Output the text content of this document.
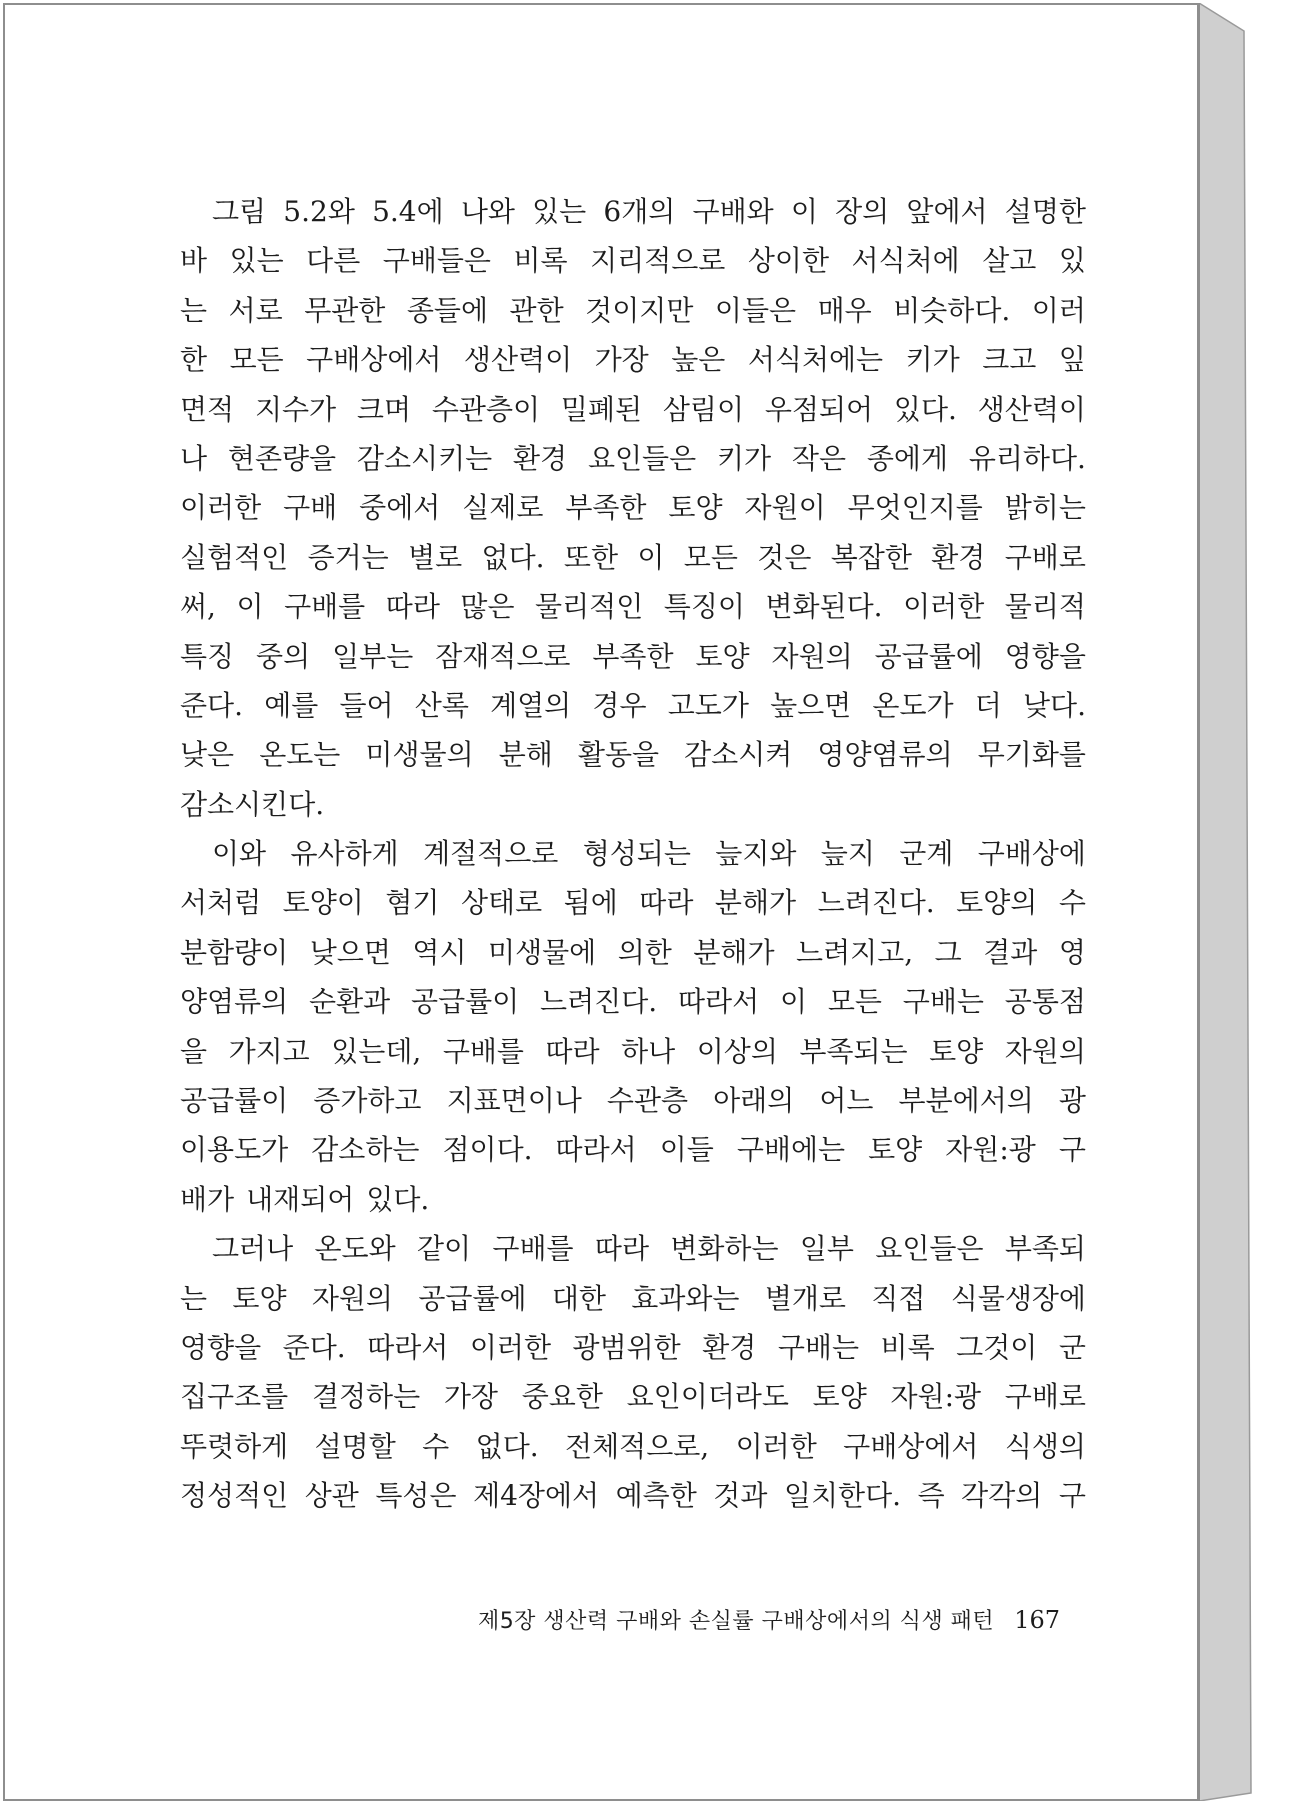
그림 5.2와 5.4에 나와 있는 6개의 구배와 이 장의 앞에서 설명한
바 있는 다른 구배들은 비록 지리적으로 상이한 서식처에 살고 있
는 서로 무관한 종들에 관한 것이지만 이들은 매우 비슷하다. 이러
한 모든 구배상에서 생산력이 가장 높은 서식처에는 키가 크고 잎
면적 지수가 크며 수관층이 밀폐된 삼림이 우점되어 있다. 생산력이
나 현존량을 감소시키는 환경 요인들은 키가 작은 종에게 유리하다.
이러한 구배 중에서 실제로 부족한 토양 자원이 무엇인지를 밝히는
실험적인 증거는 별로 없다. 또한 이 모든 것은 복잡한 환경 구배로
써, 이 구배를 따라 많은 물리적인 특징이 변화된다. 이러한 물리적
특징 중의 일부는 잠재적으로 부족한 토양 자원의 공급률에 영향을
준다. 예를 들어 산록 계열의 경우 고도가 높으면 온도가 더 낮다.
낮은 온도는 미생물의 분해 활동을 감소시켜 영양염류의 무기화를
감소시킨다.
이와 유사하게 계절적으로 형성되는 늪지와 늪지 군계 구배상에
서처럼 토양이 혐기 상태로 됨에 따라 분해가 느려진다. 토양의 수
분함량이 낮으면 역시 미생물에 의한 분해가 느려지고, 그 결과 영
양염류의 순환과 공급률이 느려진다. 따라서 이 모든 구배는 공통점
을 가지고 있는데, 구배를 따라 하나 이상의 부족되는 토양 자원의
공급률이 증가하고 지표면이나 수관층 아래의 어느 부분에서의 광
이용도가 감소하는 점이다. 따라서 이들 구배에는 토양 자원:광 구
배가 내재되어 있다.
그러나 온도와 같이 구배를 따라 변화하는 일부 요인들은 부족되
는 토양 자원의 공급률에 대한 효과와는 별개로 직접 식물생장에
영향을 준다. 따라서 이러한 광범위한 환경 구배는 비록 그것이 군
집구조를 결정하는 가장 중요한 요인이더라도 토양 자원:광 구배로
뚜렷하게 설명할 수 없다. 전체적으로, 이러한 구배상에서 식생의
정성적인 상관 특성은 제4장에서 예측한 것과 일치한다. 즉 각각의 구
제5장 생산력 구배와 손실률 구배상에서의 식생 패턴 167
